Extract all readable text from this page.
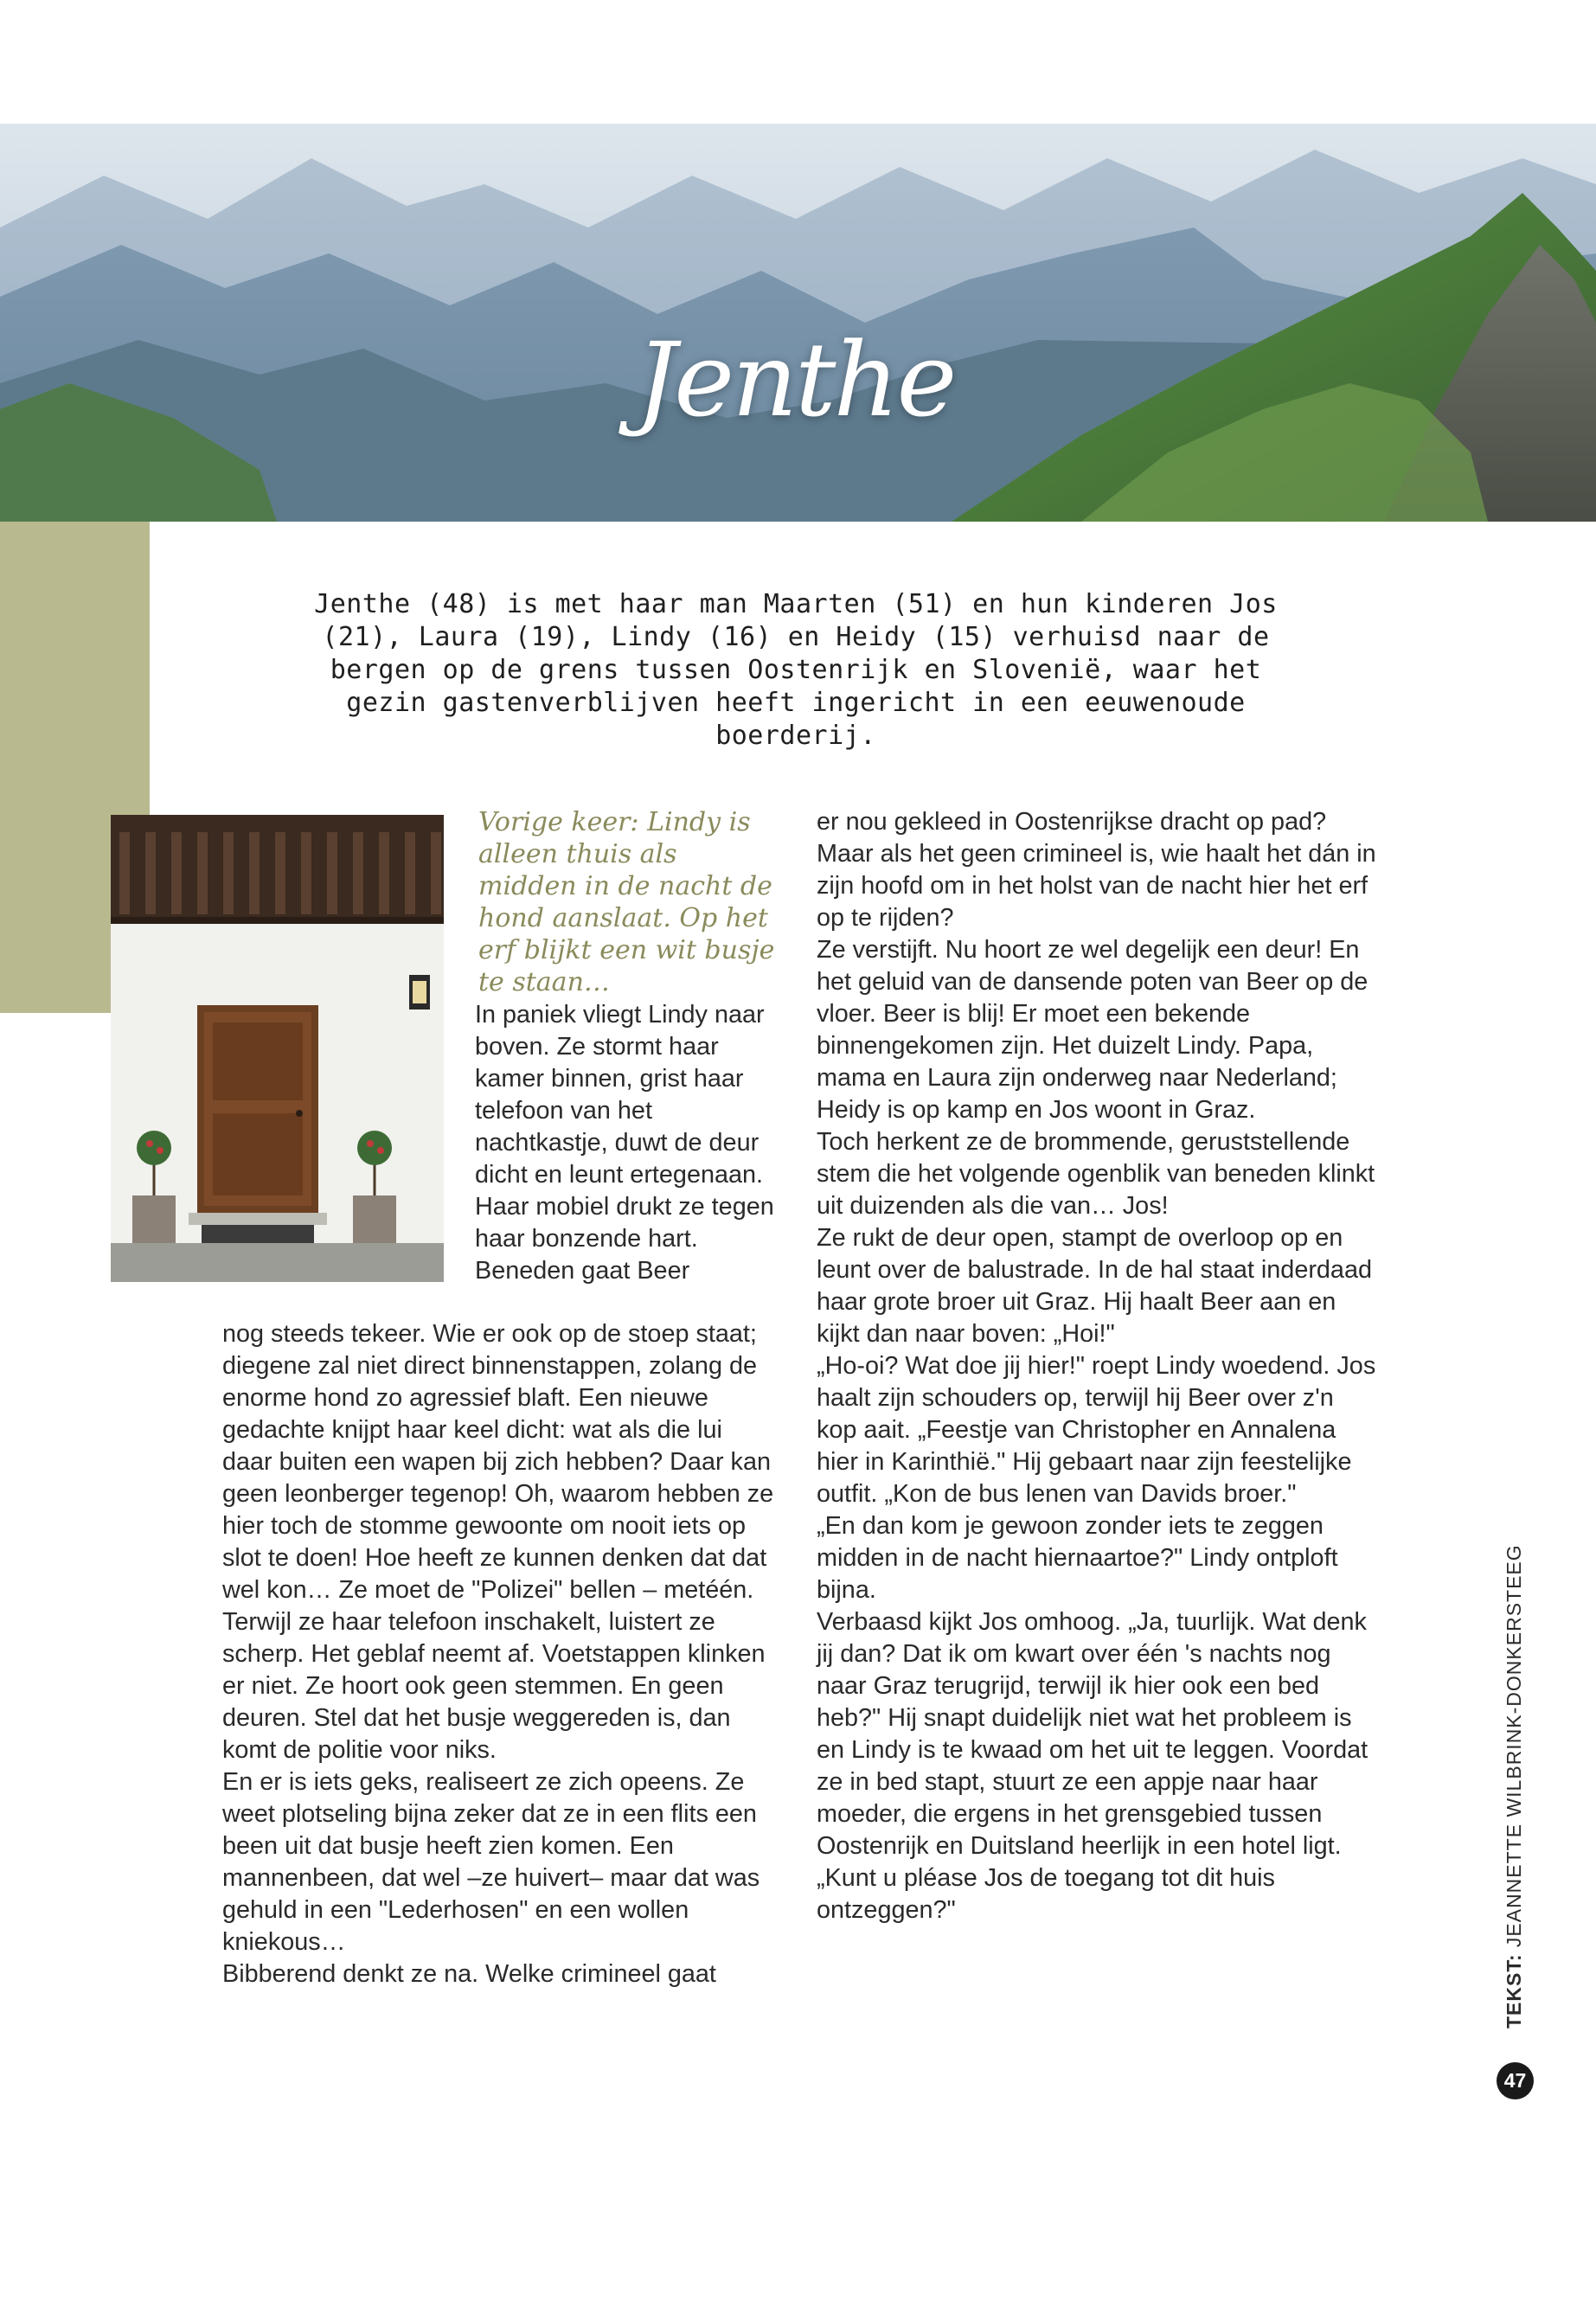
Jenthe

Jenthe (48) is met haar man Maarten (51) en hun kinderen Jos (21), Laura (19), Lindy (16) en Heidy (15) verhuisd naar de bergen op de grens tussen Oostenrijk en Slovenië, waar het gezin gastenverblijven heeft ingericht in een eeuwenoude boerderij.

Vorige keer: Lindy is alleen thuis als midden in de nacht de hond aanslaat. Op het erf blijkt een wit busje te staan…

In paniek vliegt Lindy naar boven. Ze stormt haar kamer binnen, grist haar telefoon van het nachtkastje, duwt de deur dicht en leunt ertegenaan. Haar mobiel drukt ze tegen haar bonzende hart. Beneden gaat Beer

nog steeds tekeer. Wie er ook op de stoep staat; diegene zal niet direct binnenstappen, zolang de enorme hond zo agressief blaft. Een nieuwe gedachte knijpt haar keel dicht: wat als die lui daar buiten een wapen bij zich hebben? Daar kan geen leonberger tegenop! Oh, waarom hebben ze hier toch de stomme gewoonte om nooit iets op slot te doen! Hoe heeft ze kunnen denken dat dat wel kon… Ze moet de "Polizei" bellen – metéén.
Terwijl ze haar telefoon inschakelt, luistert ze scherp. Het geblaf neemt af. Voetstappen klinken er niet. Ze hoort ook geen stemmen. En geen deuren. Stel dat het busje weggereden is, dan komt de politie voor niks.
En er is iets geks, realiseert ze zich opeens. Ze weet plotseling bijna zeker dat ze in een flits een been uit dat busje heeft zien komen. Een mannenbeen, dat wel –ze huivert– maar dat was gehuld in een "Lederhosen" en een wollen kniekous…
Bibberend denkt ze na. Welke crimineel gaat

er nou gekleed in Oostenrijkse dracht op pad?
Maar als het geen crimineel is, wie haalt het dán in zijn hoofd om in het holst van de nacht hier het erf op te rijden?
Ze verstijft. Nu hoort ze wel degelijk een deur! En het geluid van de dansende poten van Beer op de vloer. Beer is blij! Er moet een bekende binnengekomen zijn. Het duizelt Lindy. Papa, mama en Laura zijn onderweg naar Nederland; Heidy is op kamp en Jos woont in Graz.
Toch herkent ze de brommende, geruststellende stem die het volgende ogenblik van beneden klinkt uit duizenden als die van… Jos!
Ze rukt de deur open, stampt de overloop op en leunt over de balustrade. In de hal staat inderdaad haar grote broer uit Graz. Hij haalt Beer aan en kijkt dan naar boven: „Hoi!"
„Ho-oi? Wat doe jij hier!" roept Lindy woedend. Jos haalt zijn schouders op, terwijl hij Beer over z'n kop aait. „Feestje van Christopher en Annalena hier in Karinthië." Hij gebaart naar zijn feestelijke outfit. „Kon de bus lenen van Davids broer."
„En dan kom je gewoon zonder iets te zeggen midden in de nacht hiernaartoe?" Lindy ontploft bijna.
Verbaasd kijkt Jos omhoog. „Ja, tuurlijk. Wat denk jij dan? Dat ik om kwart over één 's nachts nog naar Graz terugrijd, terwijl ik hier ook een bed heb?" Hij snapt duidelijk niet wat het probleem is en Lindy is te kwaad om het uit te leggen. Voordat ze in bed stapt, stuurt ze een appje naar haar moeder, die ergens in het grensgebied tussen Oostenrijk en Duitsland heerlijk in een hotel ligt. „Kunt u pléase Jos de toegang tot dit huis ontzeggen?"

TEKST: JEANNETTE WILBRINK-DONKERSTEEG
47
